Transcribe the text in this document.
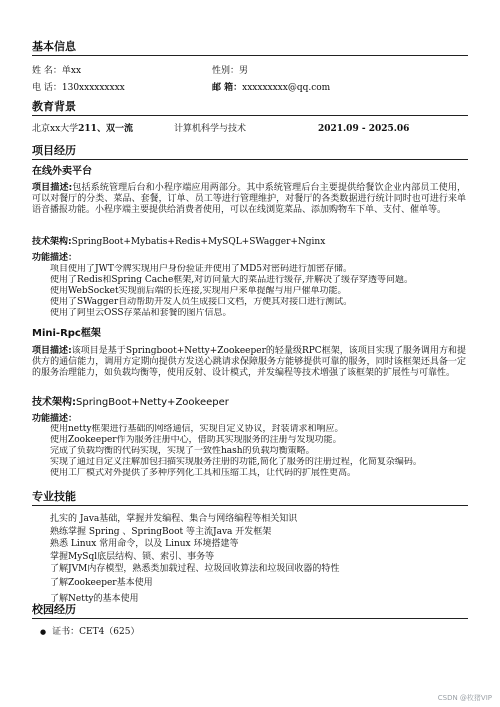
基本信息
姓 名：单xx	性别：男
电 话：130xxxxxxxxx	邮 箱：xxxxxxxxx@qq.com
教育背景
北京xx大学211、双一流	计算机科学与技术	2021.09 - 2025.06
项目经历
在线外卖平台
项目描述:包括系统管理后台和小程序端应用两部分。其中系统管理后台主要提供给餐饮企业内部员工使用，可以对餐厅的分类、菜品、套餐，订单、员工等进行管理维护，对餐厅的各类数据进行统计同时也可进行来单语音播报功能。小程序端主要提供给消费者使用，可以在线浏览菜品、添加购物车下单、支付、催单等。
技术架构:SpringBoot+Mybatis+Redis+MySQL+SWagger+Nginx
功能描述：
1. 项目使用了JWT令牌实现用户身份验证并使用了MD5对密码进行加密存储。
2. 使用了Redis和Spring Cache框架,对访问量大的菜品进行缓存,并解决了缓存穿透等问题。
3. 使用WebSocket实现前后端的长连接,实现用户来单提醒与用户催单功能。
4. 使用了SWagger自动帮助开发人员生成接口文档，方便其对接口进行测试。
5. 使用了阿里云OSS存菜品和套餐的图片信息。
Mini-Rpc框架
项目描述:该项目是基于Springboot+Netty+Zookeeper的轻量级RPC框架，该项目实现了服务调用方和提供方的通信能力，调用方定期向提供方发送心跳请求保障服务方能够提供可靠的服务，同时该框架还具备一定的服务治理能力，如负载均衡等，使用反射、设计模式，并发编程等技术增强了该框架的扩展性与可靠性。
技术架构:SpringBoot+Netty+Zookeeper
功能描述：
1. 使用netty框架进行基础的网络通信，实现自定义协议，封装请求和响应。
2. 使用Zookeeper作为服务注册中心，借助其实现服务的注册与发现功能。
3. 完成了负载均衡的代码实现，实现了一致性hash的负载均衡策略。
4. 实现了通过自定义注解加包扫描实现服务注册的功能,简化了服务的注册过程，化简复杂编码。
5. 使用工厂模式对外提供了多种序列化工具和压缩工具，让代码的扩展性更高。
专业技能
1. 扎实的 Java基础，掌握并发编程、集合与网络编程等相关知识
2. 熟练掌握 Spring 、SpringBoot 等主流Java 开发框架
3. 熟悉 Linux 常用命令，以及 Linux 环境搭建等
4. 掌握MySql底层结构、锁、索引、事务等
5. 了解JVM内存模型，熟悉类加载过程、垃圾回收算法和垃圾回收器的特性
6. 了解Zookeeper基本使用
7. 了解Netty的基本使用
校园经历
● 证书：CET4（625）
CSDN @枚猪VIP
